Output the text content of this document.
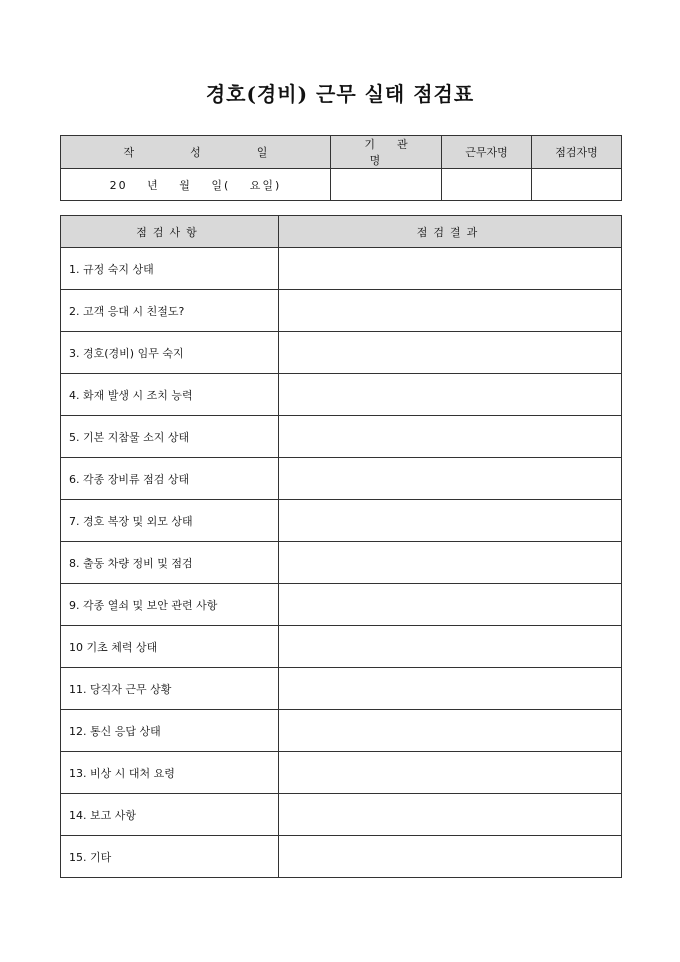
경호(경비) 근무 실태 점검표
작성일	기관명	근무자명	점검자명
20 년 월 일( 요일)			
점검사항	점검결과
1. 규정 숙지 상태	
2. 고객 응대 시 친절도?	
3. 경호(경비) 임무 숙지	
4. 화재 발생 시 조치 능력	
5. 기본 지참물 소지 상태	
6. 각종 장비류 점검 상태	
7. 경호 복장 및 외모 상태	
8. 출동 차량 정비 및 점검	
9. 각종 열쇠 및 보안 관련 사항	
10 기초 체력 상태	
11. 당직자 근무 상황	
12. 통신 응답 상태	
13. 비상 시 대처 요령	
14. 보고 사항	
15. 기타	
